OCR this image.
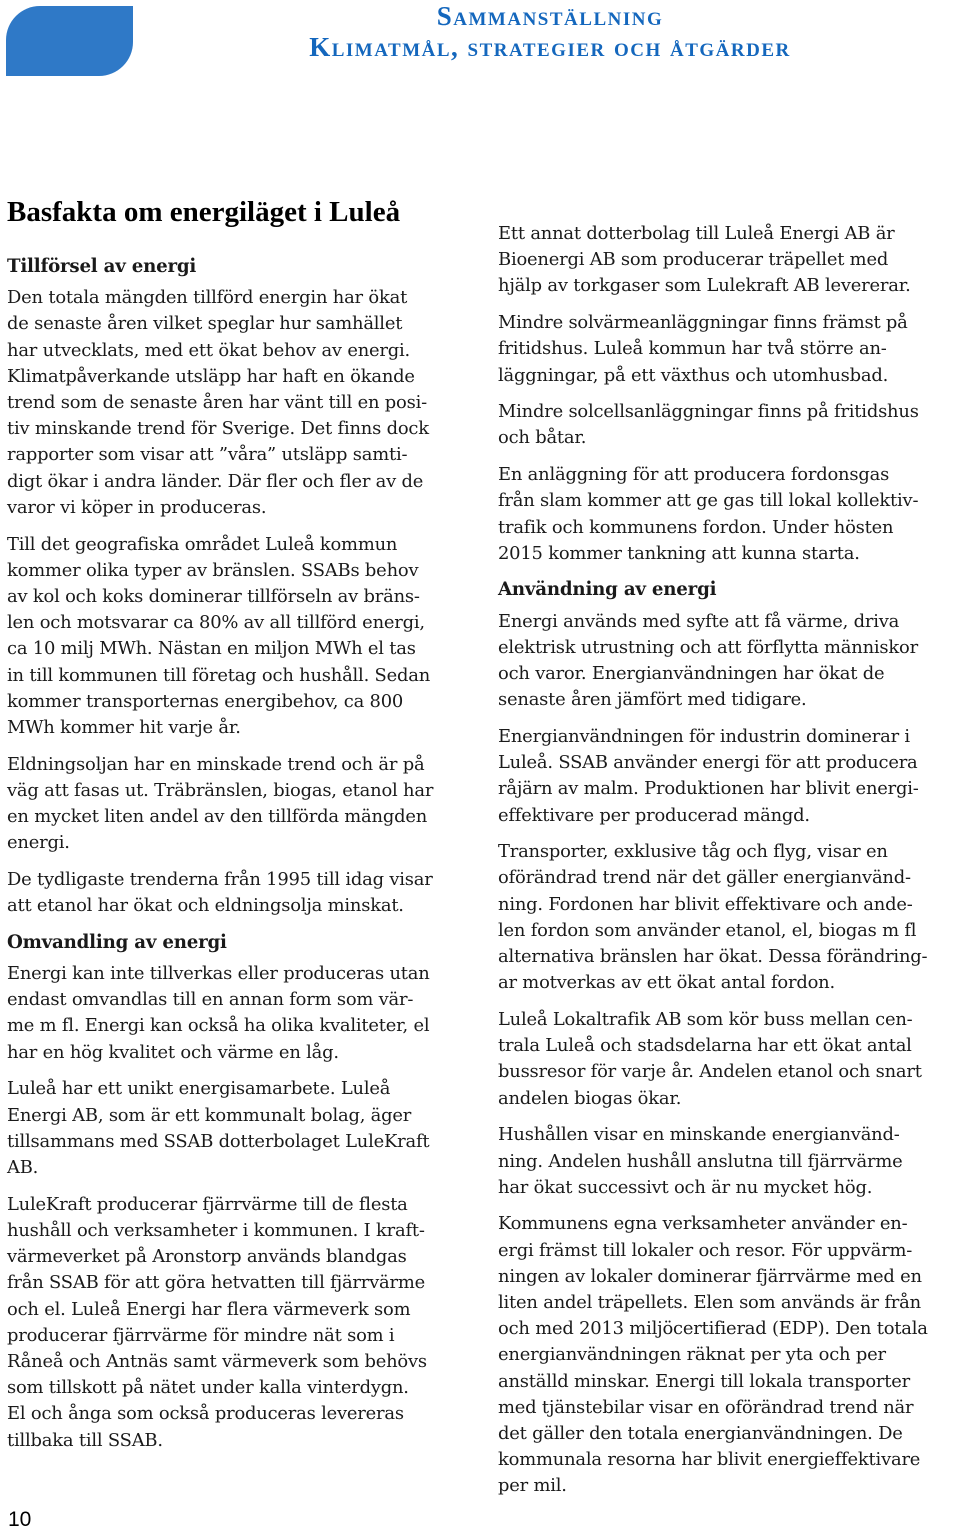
Sammanställning
Klimatmål, strategier och åtgärder
Basfakta om energiläget i Luleå
Tillförsel av energi

Den totala mängden tillförd energin har ökat
de senaste åren vilket speglar hur samhället
har utvecklats, med ett ökat behov av energi.
Klimatpåverkande utsläpp har haft en ökande
trend som de senaste åren har vänt till en posi-
tiv minskande trend för Sverige. Det finns dock
rapporter som visar att ”våra” utsläpp samti-
digt ökar i andra länder. Där fler och fler av de
varor vi köper in produceras.

Till det geografiska området Luleå kommun
kommer olika typer av bränslen. SSABs behov
av kol och koks dominerar tillförseln av bräns-
len och motsvarar ca 80% av all tillförd energi,
ca 10 milj MWh. Nästan en miljon MWh el tas
in till kommunen till företag och hushåll. Sedan
kommer transporternas energibehov, ca 800
MWh kommer hit varje år.

Eldningsoljan har en minskade trend och är på
väg att fasas ut. Träbränslen, biogas, etanol har
en mycket liten andel av den tillförda mängden
energi.

De tydligaste trenderna från 1995 till idag visar
att etanol har ökat och eldningsolja minskat.

Omvandling av energi

Energi kan inte tillverkas eller produceras utan
endast omvandlas till en annan form som vär-
me m fl. Energi kan också ha olika kvaliteter, el
har en hög kvalitet och värme en låg.

Luleå har ett unikt energisamarbete. Luleå
Energi AB, som är ett kommunalt bolag, äger
tillsammans med SSAB dotterbolaget LuleKraft
AB.

LuleKraft producerar fjärrvärme till de flesta
hushåll och verksamheter i kommunen. I kraft-
värmeverket på Aronstorp används blandgas
från SSAB för att göra hetvatten till fjärrvärme
och el. Luleå Energi har flera värmeverk som
producerar fjärrvärme för mindre nät som i
Råneå och Antnäs samt värmeverk som behövs
som tillskott på nätet under kalla vinterdygn.
El och ånga som också produceras levereras
tillbaka till SSAB.

Ett annat dotterbolag till Luleå Energi AB är
Bioenergi AB som producerar träpellet med
hjälp av torkgaser som Lulekraft AB levererar.

Mindre solvärmeanläggningar finns främst på
fritidshus. Luleå kommun har två större an-
läggningar, på ett växthus och utomhusbad.

Mindre solcellsanläggningar finns på fritidshus
och båtar.

En anläggning för att producera fordonsgas
från slam kommer att ge gas till lokal kollektiv-
trafik och kommunens fordon. Under hösten
2015 kommer tankning att kunna starta.

Användning av energi

Energi används med syfte att få värme, driva
elektrisk utrustning och att förflytta människor
och varor. Energianvändningen har ökat de
senaste åren jämfört med tidigare.

Energianvändningen för industrin dominerar i
Luleå. SSAB använder energi för att producera
råjärn av malm. Produktionen har blivit energi-
effektivare per producerad mängd.

Transporter, exklusive tåg och flyg, visar en
oförändrad trend när det gäller energianvänd-
ning. Fordonen har blivit effektivare och ande-
len fordon som använder etanol, el, biogas m fl
alternativa bränslen har ökat. Dessa förändring-
ar motverkas av ett ökat antal fordon.

Luleå Lokaltrafik AB som kör buss mellan cen-
trala Luleå och stadsdelarna har ett ökat antal
bussresor för varje år. Andelen etanol och snart
andelen biogas ökar.

Hushållen visar en minskande energianvänd-
ning. Andelen hushåll anslutna till fjärrvärme
har ökat successivt och är nu mycket hög.

Kommunens egna verksamheter använder en-
ergi främst till lokaler och resor. För uppvärm-
ningen av lokaler dominerar fjärrvärme med en
liten andel träpellets. Elen som används är från
och med 2013 miljöcertifierad (EDP). Den totala
energianvändningen räknat per yta och per
anställd minskar. Energi till lokala transporter
med tjänstebilar visar en oförändrad trend när
det gäller den totala energianvändningen. De
kommunala resorna har blivit energieffektivare
per mil.

10
